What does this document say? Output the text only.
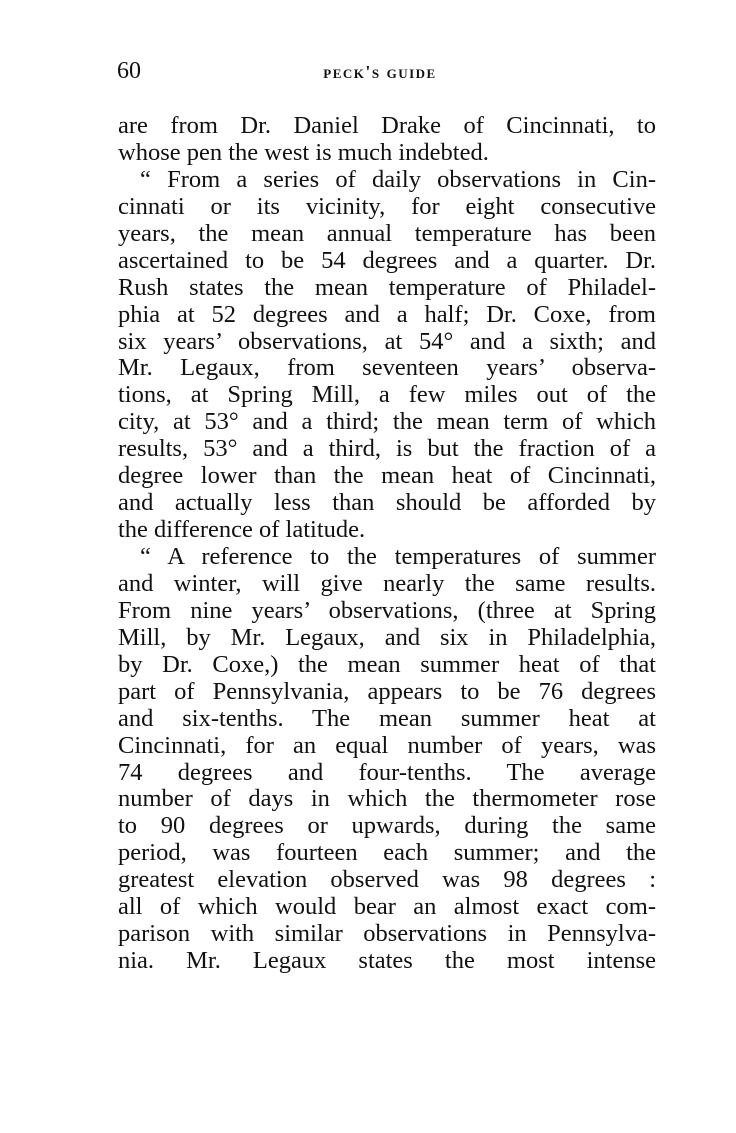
60	peck's guide
are from Dr. Daniel Drake of Cincinnati, to
whose pen the west is much indebted.
“ From a series of daily observations in Cin-
cinnati or its vicinity, for eight consecutive
years, the mean annual temperature has been
ascertained to be 54 degrees and a quarter. Dr.
Rush states the mean temperature of Philadel-
phia at 52 degrees and a half; Dr. Coxe, from
six years’ observations, at 54° and a sixth; and
Mr. Legaux, from seventeen years’ observa-
tions, at Spring Mill, a few miles out of the
city, at 53° and a third; the mean term of which
results, 53° and a third, is but the fraction of a
degree lower than the mean heat of Cincinnati,
and actually less than should be afforded by
the difference of latitude.
“ A reference to the temperatures of summer
and winter, will give nearly the same results.
From nine years’ observations, (three at Spring
Mill, by Mr. Legaux, and six in Philadelphia,
by Dr. Coxe,) the mean summer heat of that
part of Pennsylvania, appears to be 76 degrees
and six-tenths. The mean summer heat at
Cincinnati, for an equal number of years, was
74 degrees and four-tenths. The average
number of days in which the thermometer rose
to 90 degrees or upwards, during the same
period, was fourteen each summer; and the
greatest elevation observed was 98 degrees :
all of which would bear an almost exact com-
parison with similar observations in Pennsylva-
nia. Mr. Legaux states the most intense
